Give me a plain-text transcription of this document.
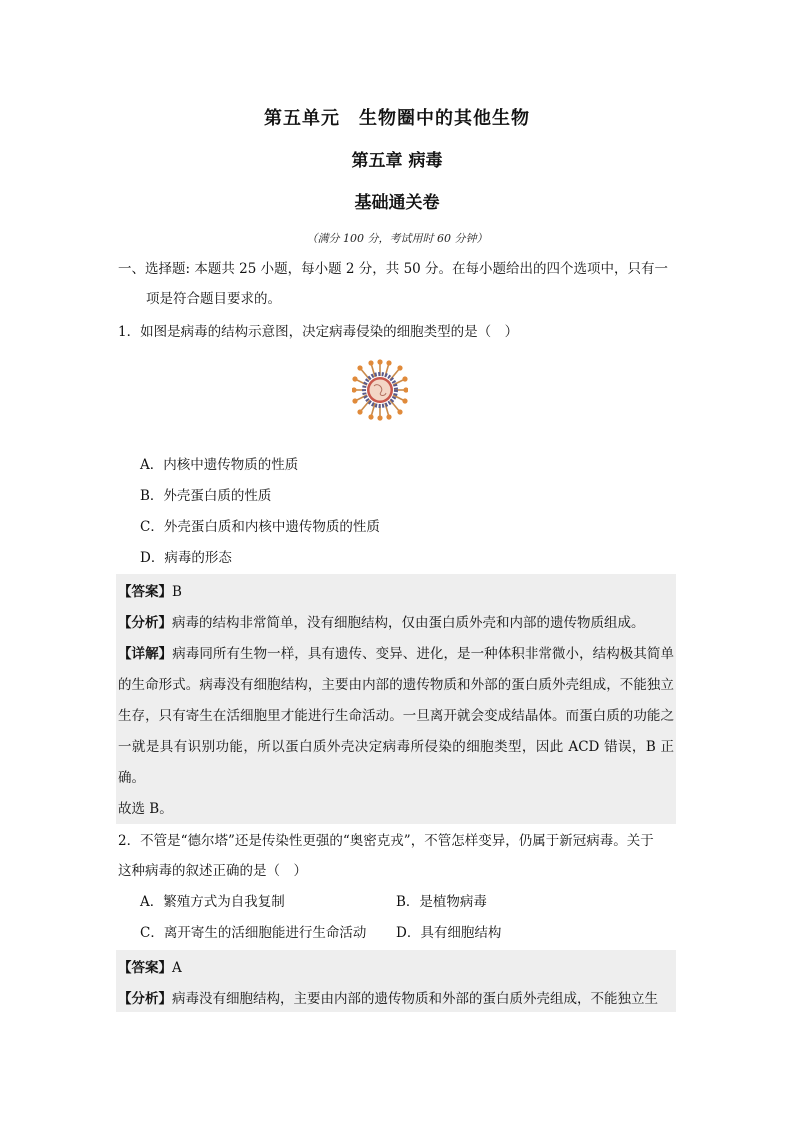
第五单元　生物圈中的其他生物
第五章 病毒
基础通关卷
（满分 100 分，考试用时 60 分钟）
一、选择题: 本题共 25 小题，每小题 2 分，共 50 分。在每小题给出的四个选项中，只有一
项是符合题目要求的。
1．如图是病毒的结构示意图，决定病毒侵染的细胞类型的是（　）
A．内核中遗传物质的性质
B．外壳蛋白质的性质
C．外壳蛋白质和内核中遗传物质的性质
D．病毒的形态
【答案】B
【分析】病毒的结构非常简单，没有细胞结构，仅由蛋白质外壳和内部的遗传物质组成。
【详解】病毒同所有生物一样，具有遗传、变异、进化，是一种体积非常微小，结构极其简单的生命形式。病毒没有细胞结构，主要由内部的遗传物质和外部的蛋白质外壳组成，不能独立生存，只有寄生在活细胞里才能进行生命活动。一旦离开就会变成结晶体。而蛋白质的功能之一就是具有识别功能，所以蛋白质外壳决定病毒所侵染的细胞类型，因此 ACD 错误，B 正确。
故选 B。
2．不管是“德尔塔”还是传染性更强的“奥密克戎”，不管怎样变异，仍属于新冠病毒。关于
这种病毒的叙述正确的是（　）
A．繁殖方式为自我复制	B．是植物病毒
C．离开寄生的活细胞能进行生命活动 D．具有细胞结构
【答案】A
【分析】病毒没有细胞结构，主要由内部的遗传物质和外部的蛋白质外壳组成，不能独立生
